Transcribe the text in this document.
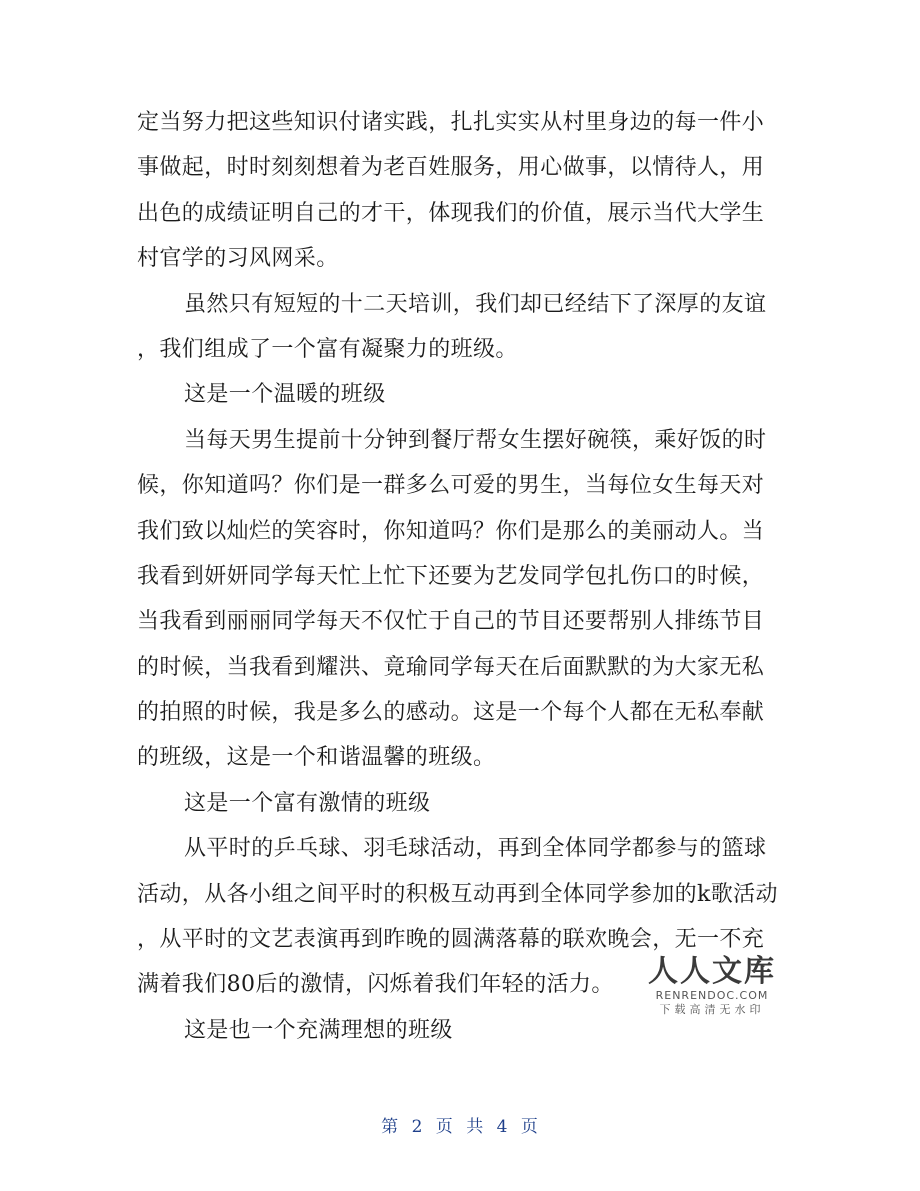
定当努力把这些知识付诸实践，扎扎实实从村里身边的每一件小
事做起，时时刻刻想着为老百姓服务，用心做事，以情待人，用
出色的成绩证明自己的才干，体现我们的价值，展示当代大学生
村官学的习风网采。
虽然只有短短的十二天培训，我们却已经结下了深厚的友谊
，我们组成了一个富有凝聚力的班级。
这是一个温暖的班级
当每天男生提前十分钟到餐厅帮女生摆好碗筷，乘好饭的时
候，你知道吗？你们是一群多么可爱的男生，当每位女生每天对
我们致以灿烂的笑容时，你知道吗？你们是那么的美丽动人。当
我看到妍妍同学每天忙上忙下还要为艺发同学包扎伤口的时候，
当我看到丽丽同学每天不仅忙于自己的节目还要帮别人排练节目
的时候，当我看到耀洪、竟瑜同学每天在后面默默的为大家无私
的拍照的时候，我是多么的感动。这是一个每个人都在无私奉献
的班级，这是一个和谐温馨的班级。
这是一个富有激情的班级
从平时的乒乓球、羽毛球活动，再到全体同学都参与的篮球
活动，从各小组之间平时的积极互动再到全体同学参加的k歌活动
，从平时的文艺表演再到昨晚的圆满落幕的联欢晚会，无一不充
满着我们80后的激情，闪烁着我们年轻的活力。
这是也一个充满理想的班级
人人文库
RENRENDOC.COM
下载高清无水印
第 2 页 共 4 页
